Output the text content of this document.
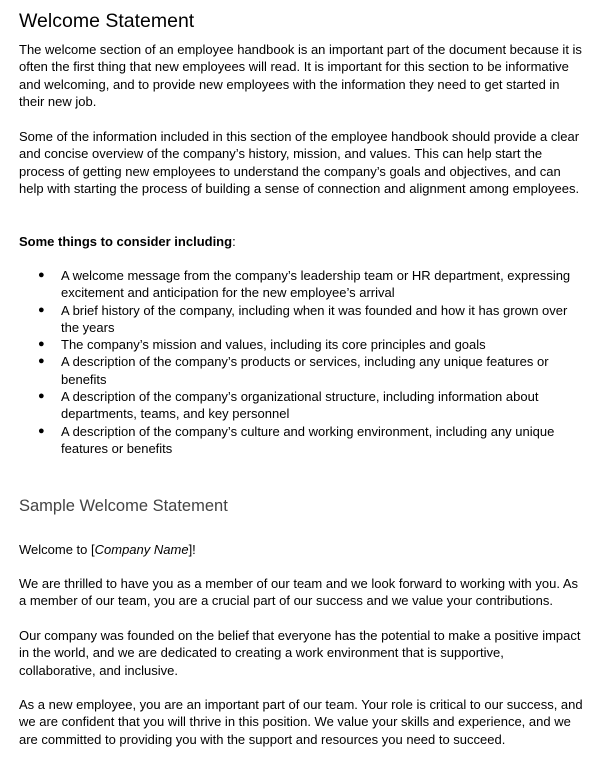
Welcome Statement

The welcome section of an employee handbook is an important part of the document because it is often the first thing that new employees will read. It is important for this section to be informative and welcoming, and to provide new employees with the information they need to get started in their new job.

Some of the information included in this section of the employee handbook should provide a clear and concise overview of the company’s history, mission, and values. This can help start the process of getting new employees to understand the company’s goals and objectives, and can help with starting the process of building a sense of connection and alignment among employees.

Some things to consider including:

● A welcome message from the company’s leadership team or HR department, expressing excitement and anticipation for the new employee’s arrival
● A brief history of the company, including when it was founded and how it has grown over the years
● The company’s mission and values, including its core principles and goals
● A description of the company’s products or services, including any unique features or benefits
● A description of the company’s organizational structure, including information about departments, teams, and key personnel
● A description of the company’s culture and working environment, including any unique features or benefits
Sample Welcome Statement

Welcome to [Company Name]!

We are thrilled to have you as a member of our team and we look forward to working with you. As a member of our team, you are a crucial part of our success and we value your contributions.

Our company was founded on the belief that everyone has the potential to make a positive impact in the world, and we are dedicated to creating a work environment that is supportive, collaborative, and inclusive.

As a new employee, you are an important part of our team. Your role is critical to our success, and we are confident that you will thrive in this position. We value your skills and experience, and we are committed to providing you with the support and resources you need to succeed.
